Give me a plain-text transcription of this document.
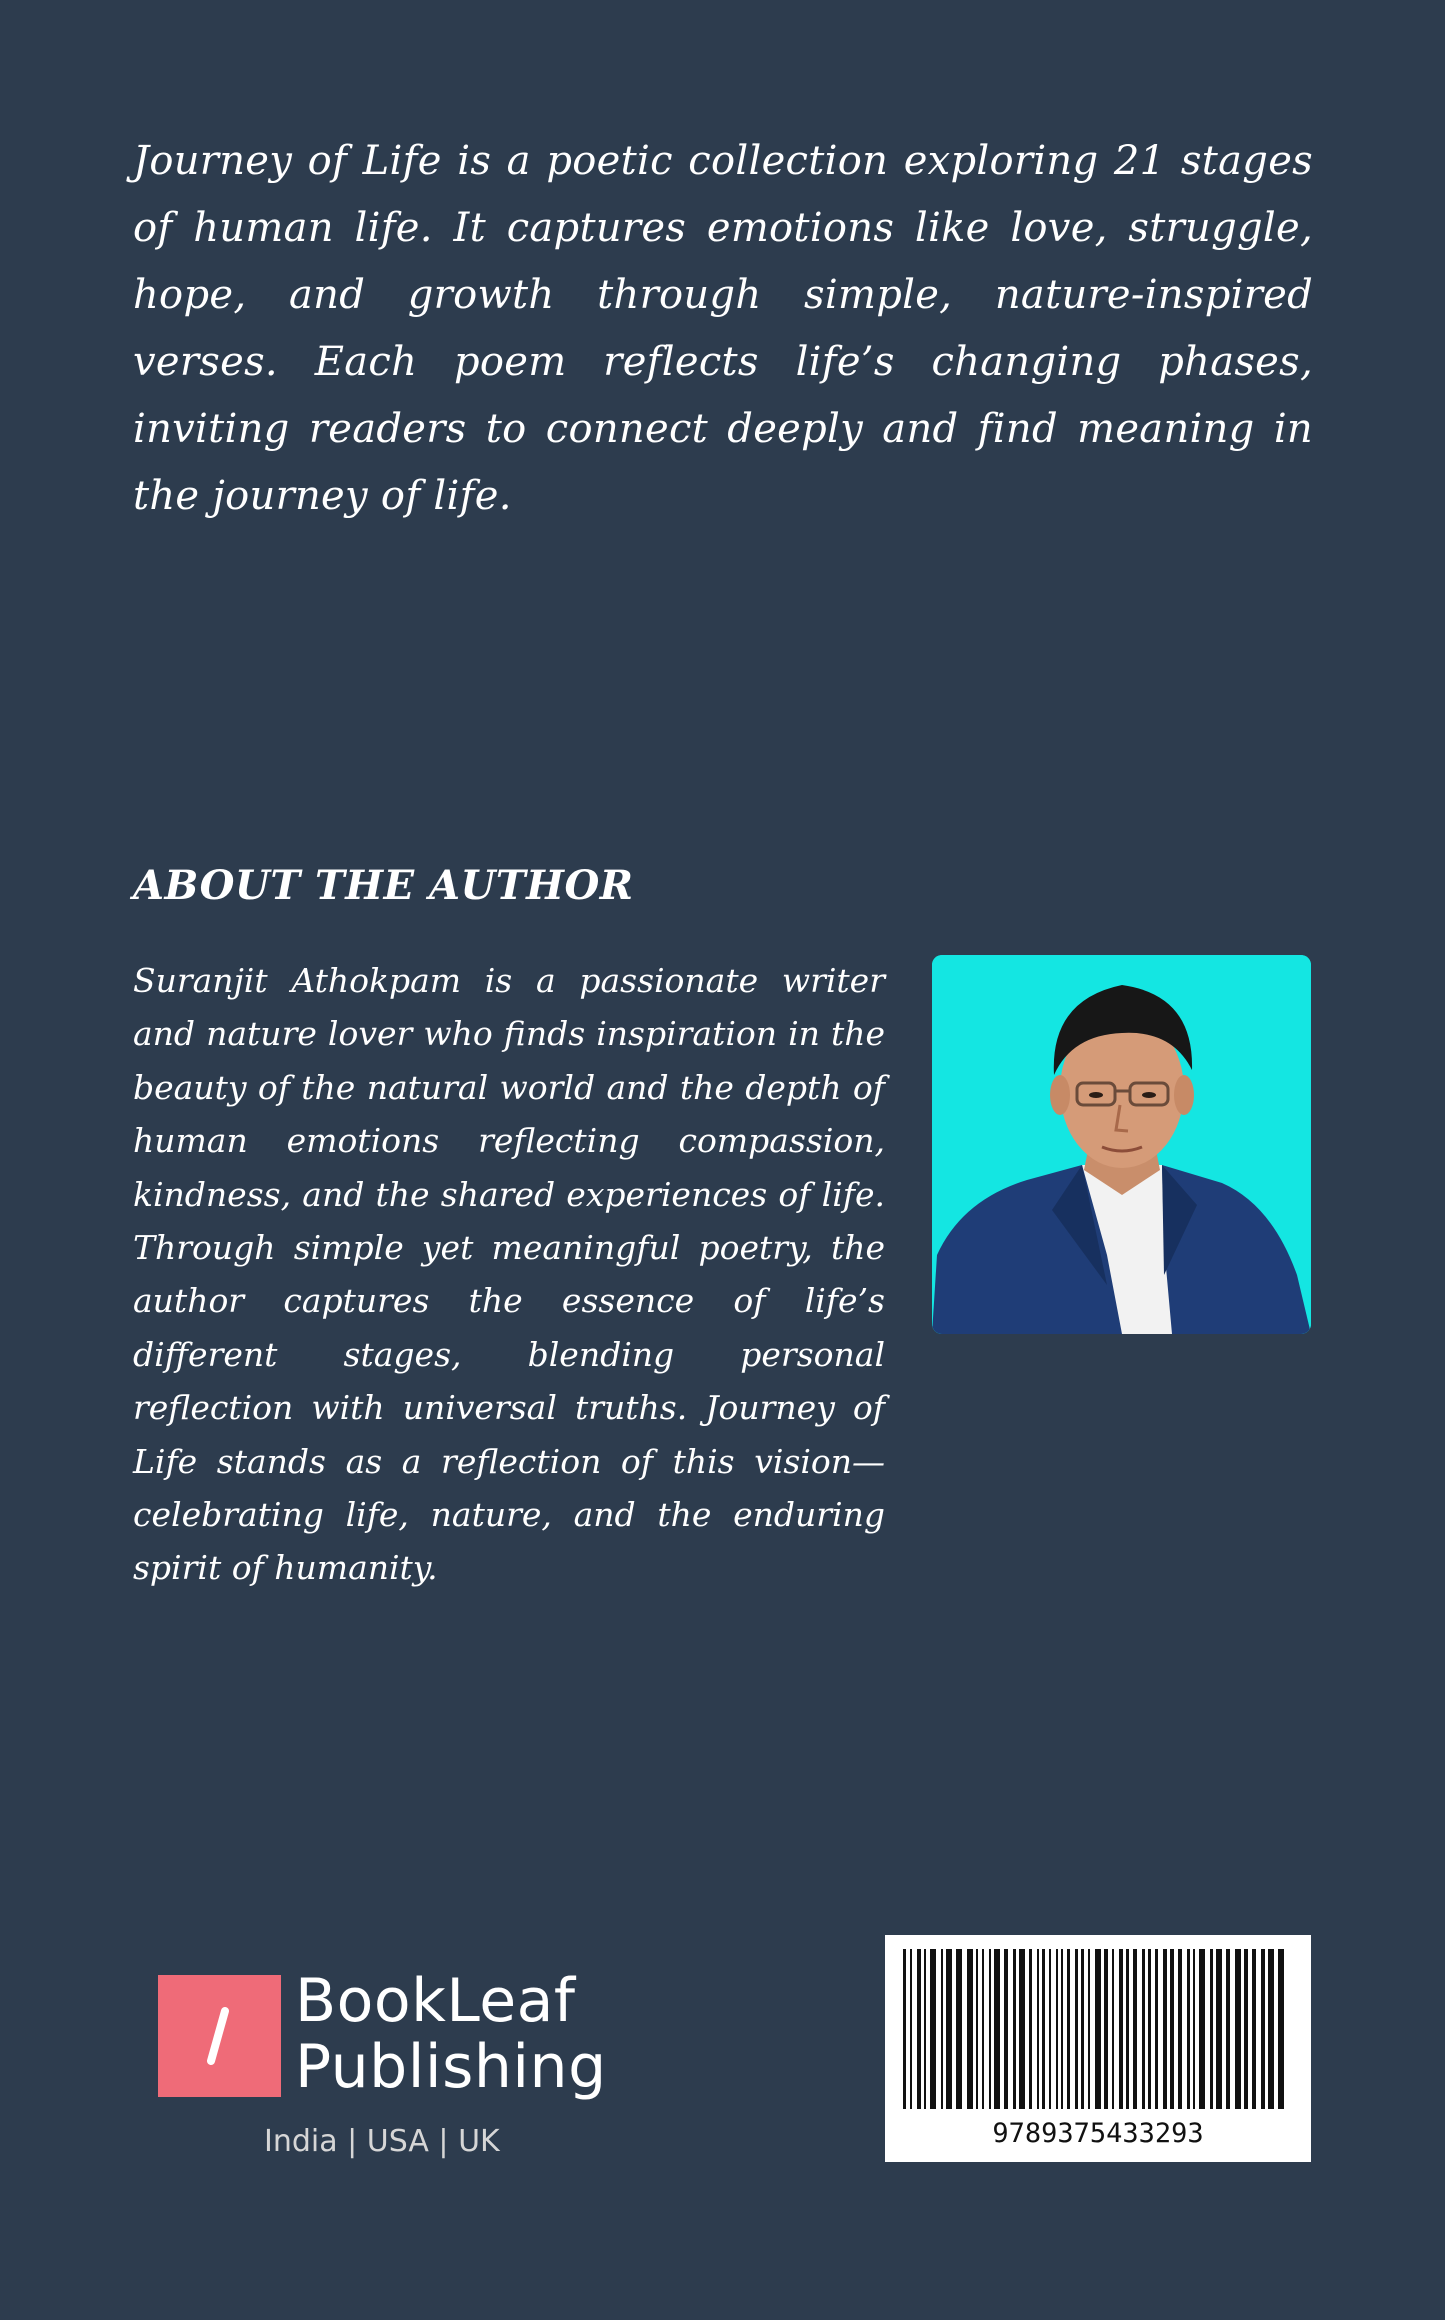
Journey of Life is a poetic collection exploring 21 stages of human life. It captures emotions like love, struggle, hope, and growth through simple, nature-inspired verses. Each poem reflects life’s changing phases, inviting readers to connect deeply and find meaning in the journey of life.

ABOUT THE AUTHOR

Suranjit Athokpam is a passionate writer and nature lover who finds inspiration in the beauty of the natural world and the depth of human emotions reflecting compassion, kindness, and the shared experiences of life. Through simple yet meaningful poetry, the author captures the essence of life’s different stages, blending personal reflection with universal truths. Journey of Life stands as a reflection of this vision—celebrating life, nature, and the enduring spirit of humanity.

BookLeaf

Publishing

India | USA | UK	9789375433293
